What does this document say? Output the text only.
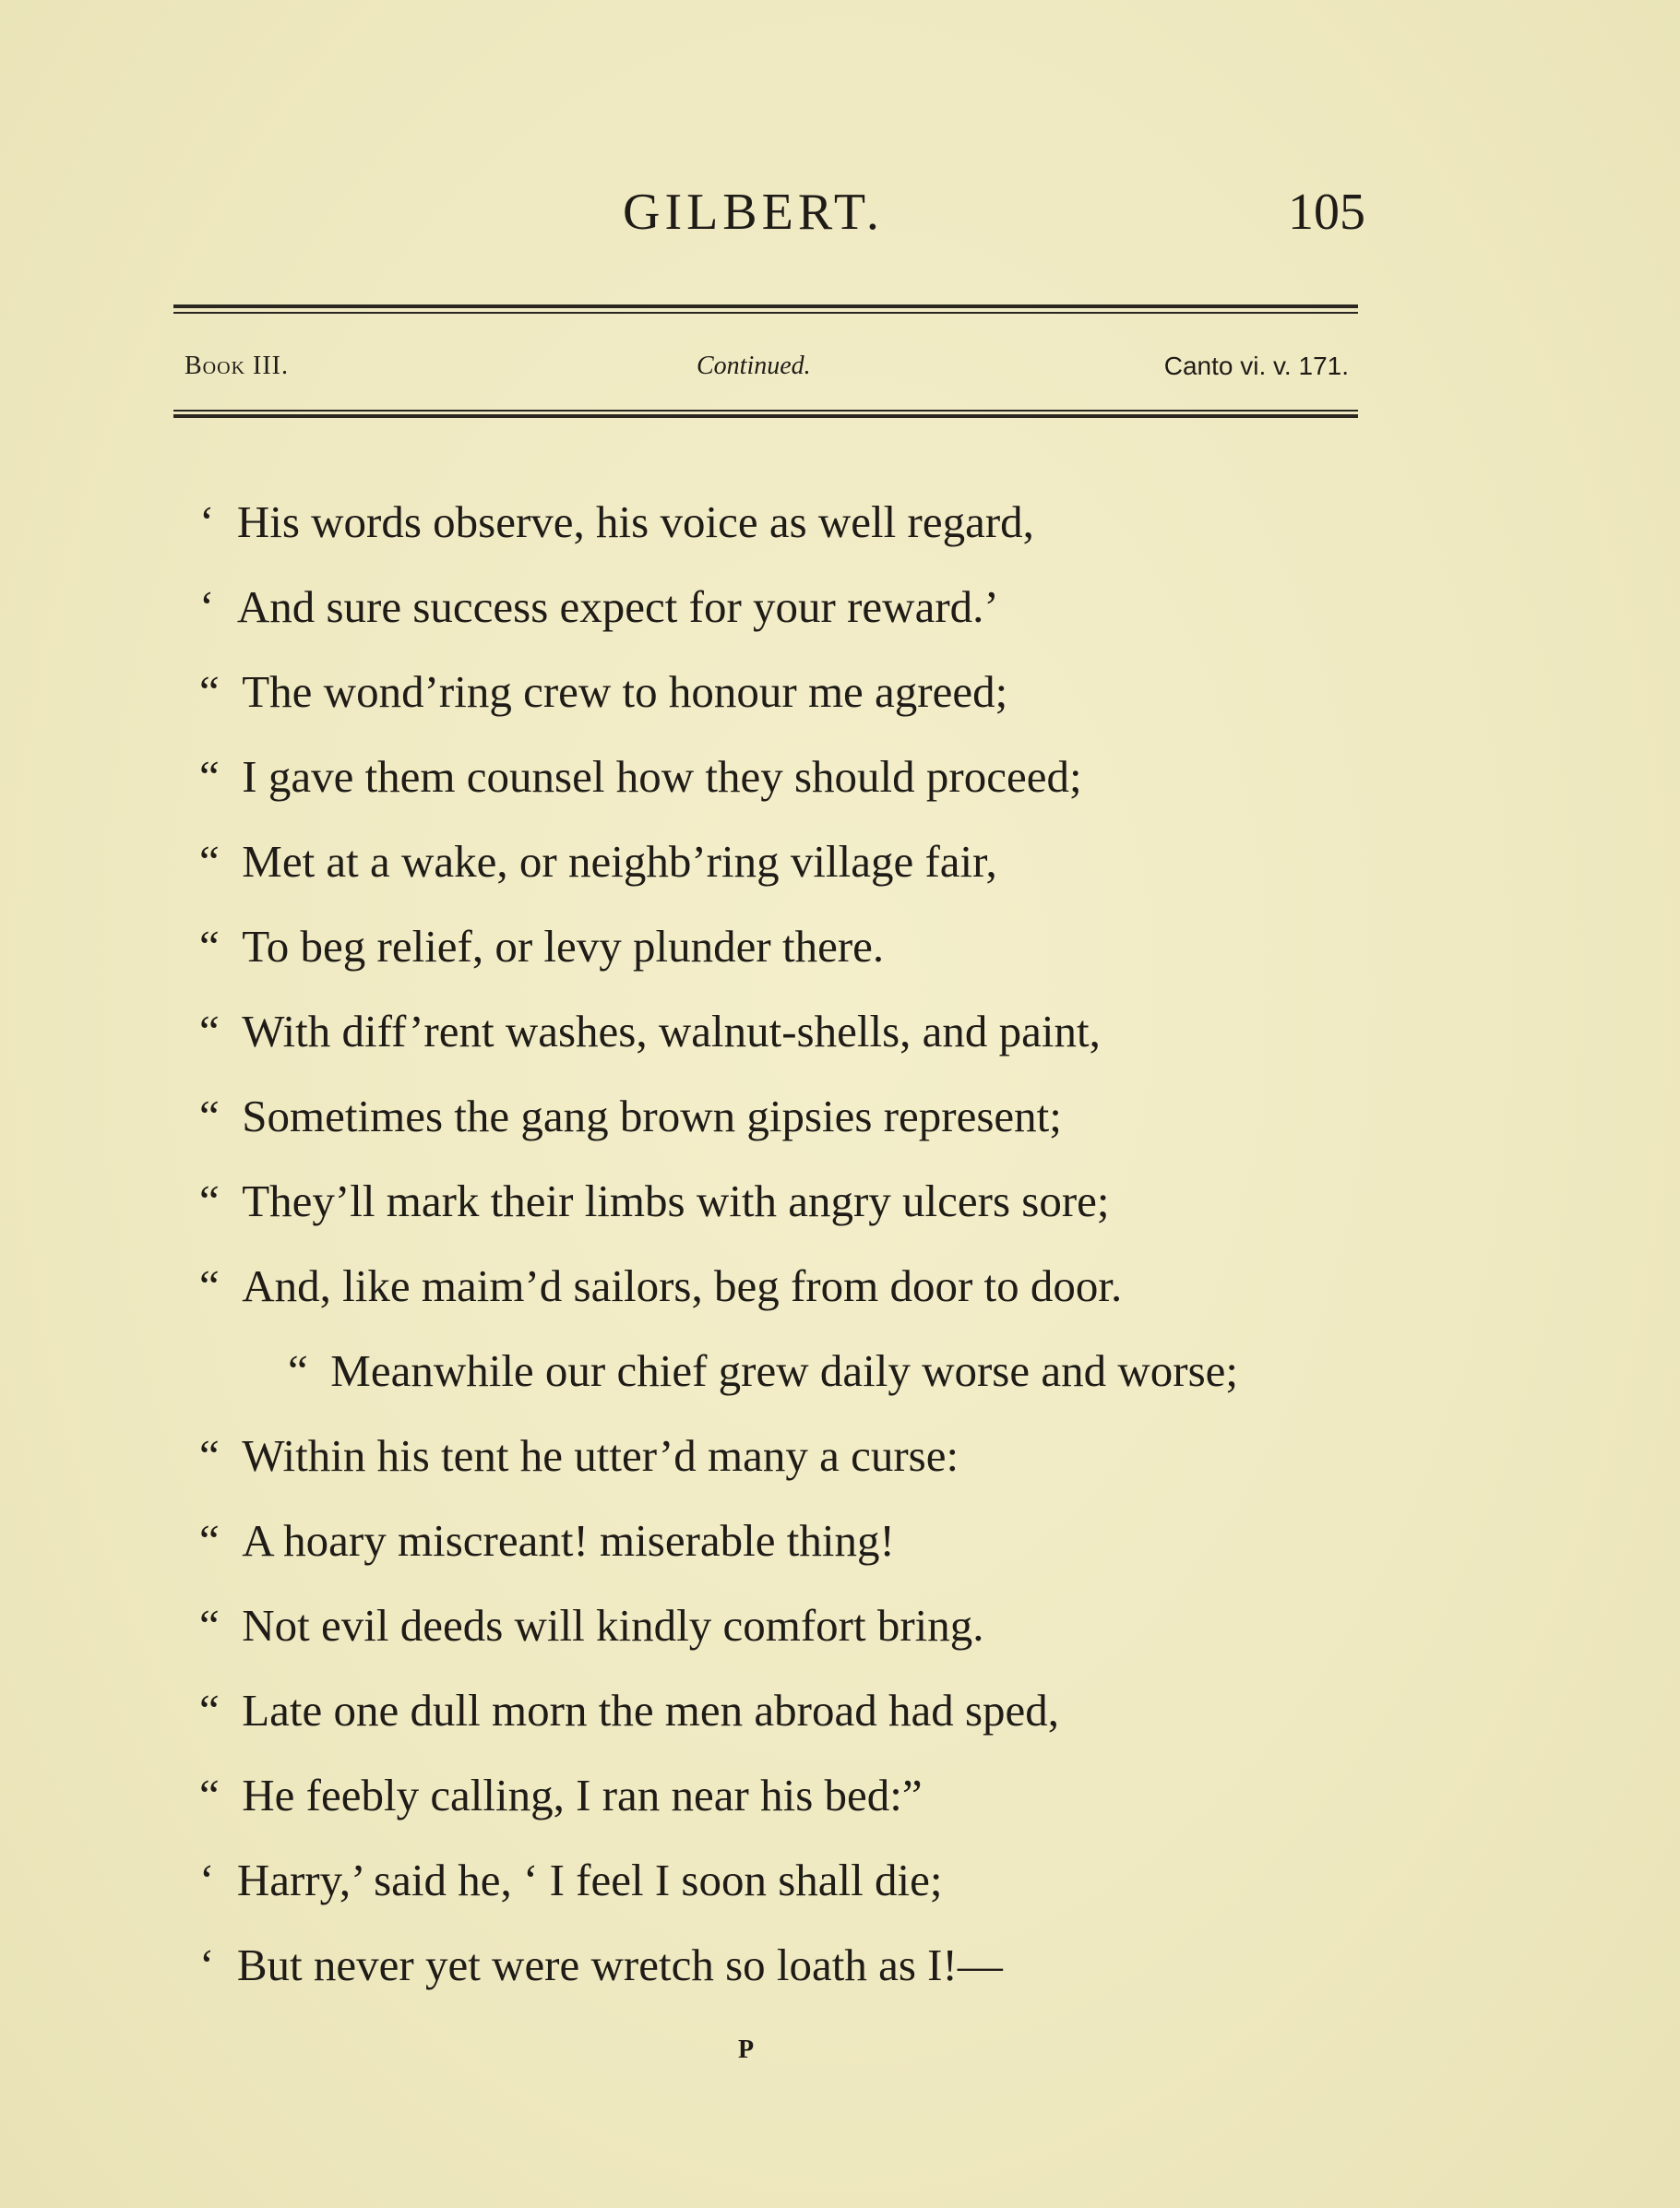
GILBERT.	105
Book III.	Continued.	Canto vi. v. 171.
‘ His words observe, his voice as well regard,
‘ And sure success expect for your reward.’
“ The wond’ring crew to honour me agreed;
“ I gave them counsel how they should proceed;
“ Met at a wake, or neighb’ring village fair,
“ To beg relief, or levy plunder there.
“ With diff’rent washes, walnut-shells, and paint,
“ Sometimes the gang brown gipsies represent;
“ They’ll mark their limbs with angry ulcers sore;
“ And, like maim’d sailors, beg from door to door.
“ Meanwhile our chief grew daily worse and worse;
“ Within his tent he utter’d many a curse:
“ A hoary miscreant! miserable thing!
“ Not evil deeds will kindly comfort bring.
“ Late one dull morn the men abroad had sped,
“ He feebly calling, I ran near his bed:”
‘ Harry,’ said he, ‘ I feel I soon shall die;
‘ But never yet were wretch so loath as I!—
P
